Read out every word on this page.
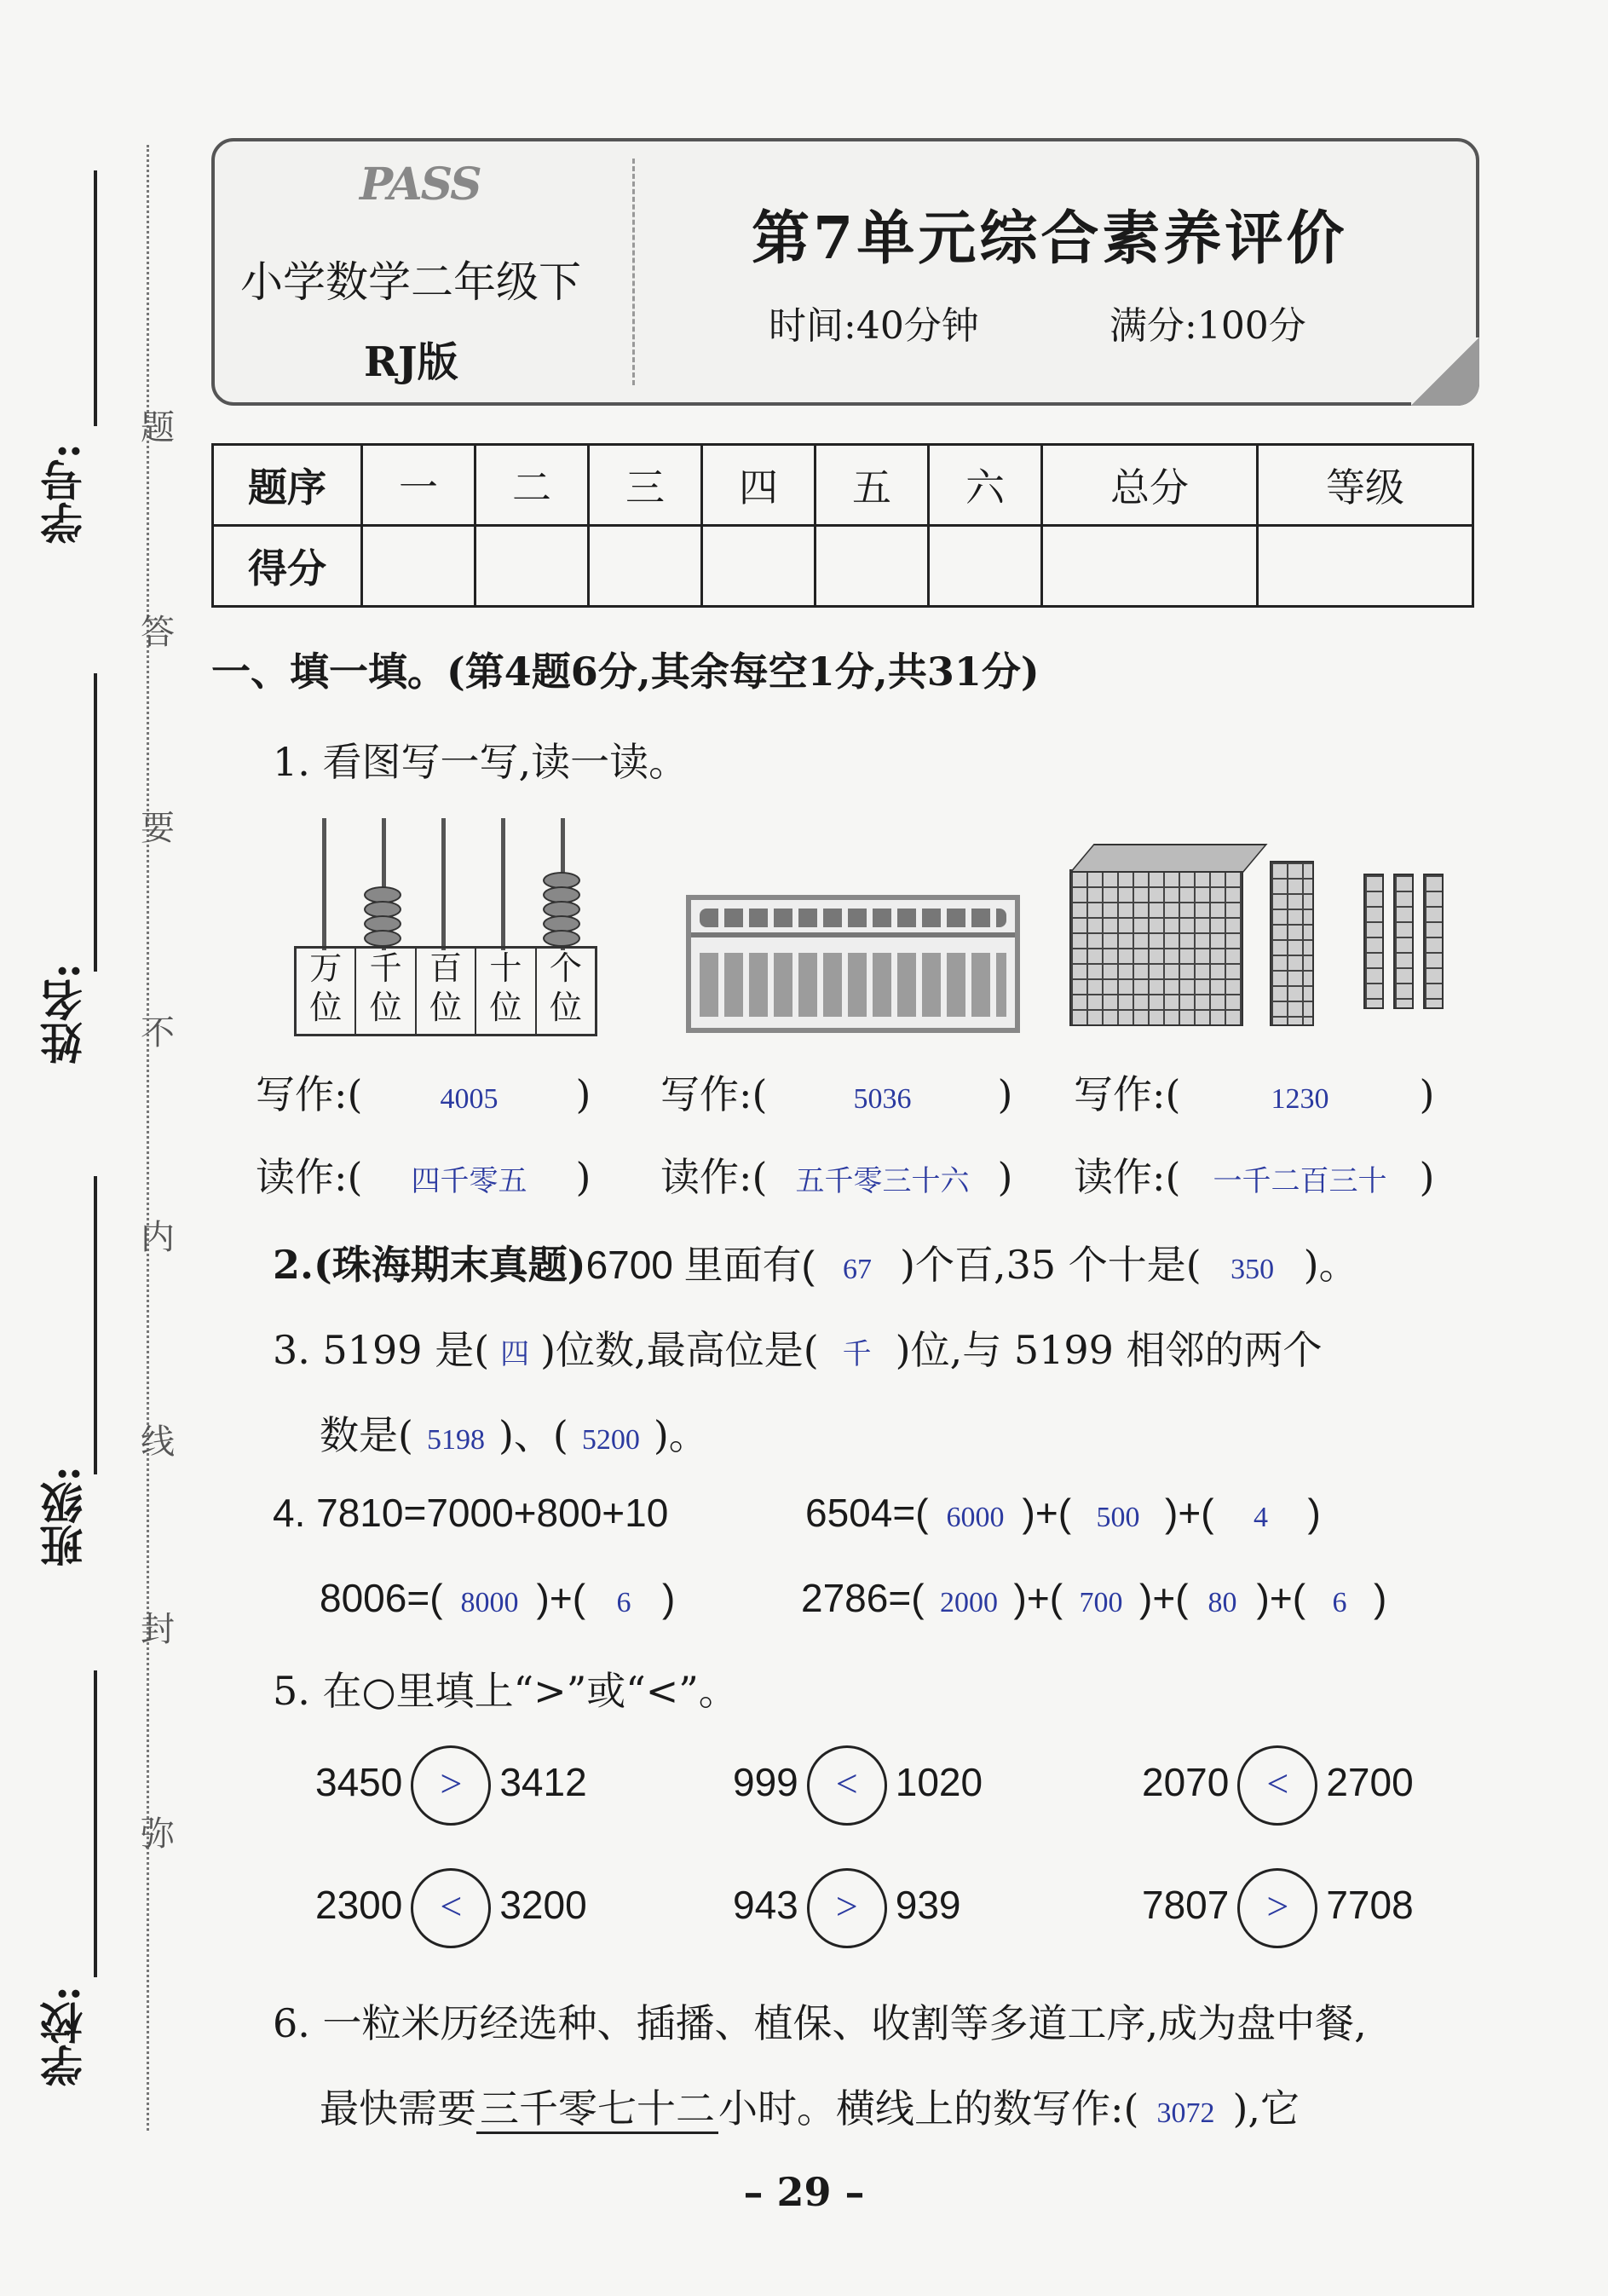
学号:
姓名:
班级:
学校:
题
答
要
不
内
线
封
弥
PASS
小学数学二年级下
RJ版
第7单元综合素养评价
时间:40分钟	满分:100分
题序	一	二	三	四	五	六	总分	等级
得分								
一、填一填。(第4题6分,其余每空1分,共31分)
1. 看图写一写,读一读。
万
位
千
位
百
位
十
位
个
位
写作:(	4005 ) 写作:(	5036 ) 写作:(	1230 )
读作:( 四千零五 ) 读作:( 五千零三十六 ) 读作:( 一千二百三十 )
2.(珠海期末真题)6700 里面有( 67 )个百,35 个十是( 350 )。
3. 5199 是( 四 )位数,最高位是( 千 )位,与 5199 相邻的两个
数是( 5198 )、( 5200 )。
4. 7810=7000+800+10	6504=( 6000 )+( 500 )+( 4 )
8006=( 8000 )+( 6 )	2786=( 2000 )+( 700 )+( 80 )+( 6 )
5. 在○里填上“>”或“<”。
3450 > 3412	999 < 1020	2070 < 2700
2300 < 3200	943 > 939	7807 > 7708
6. 一粒米历经选种、插播、植保、收割等多道工序,成为盘中餐,
最快需要三千零七十二小时。横线上的数写作:( 3072 ),它
– 29 –
